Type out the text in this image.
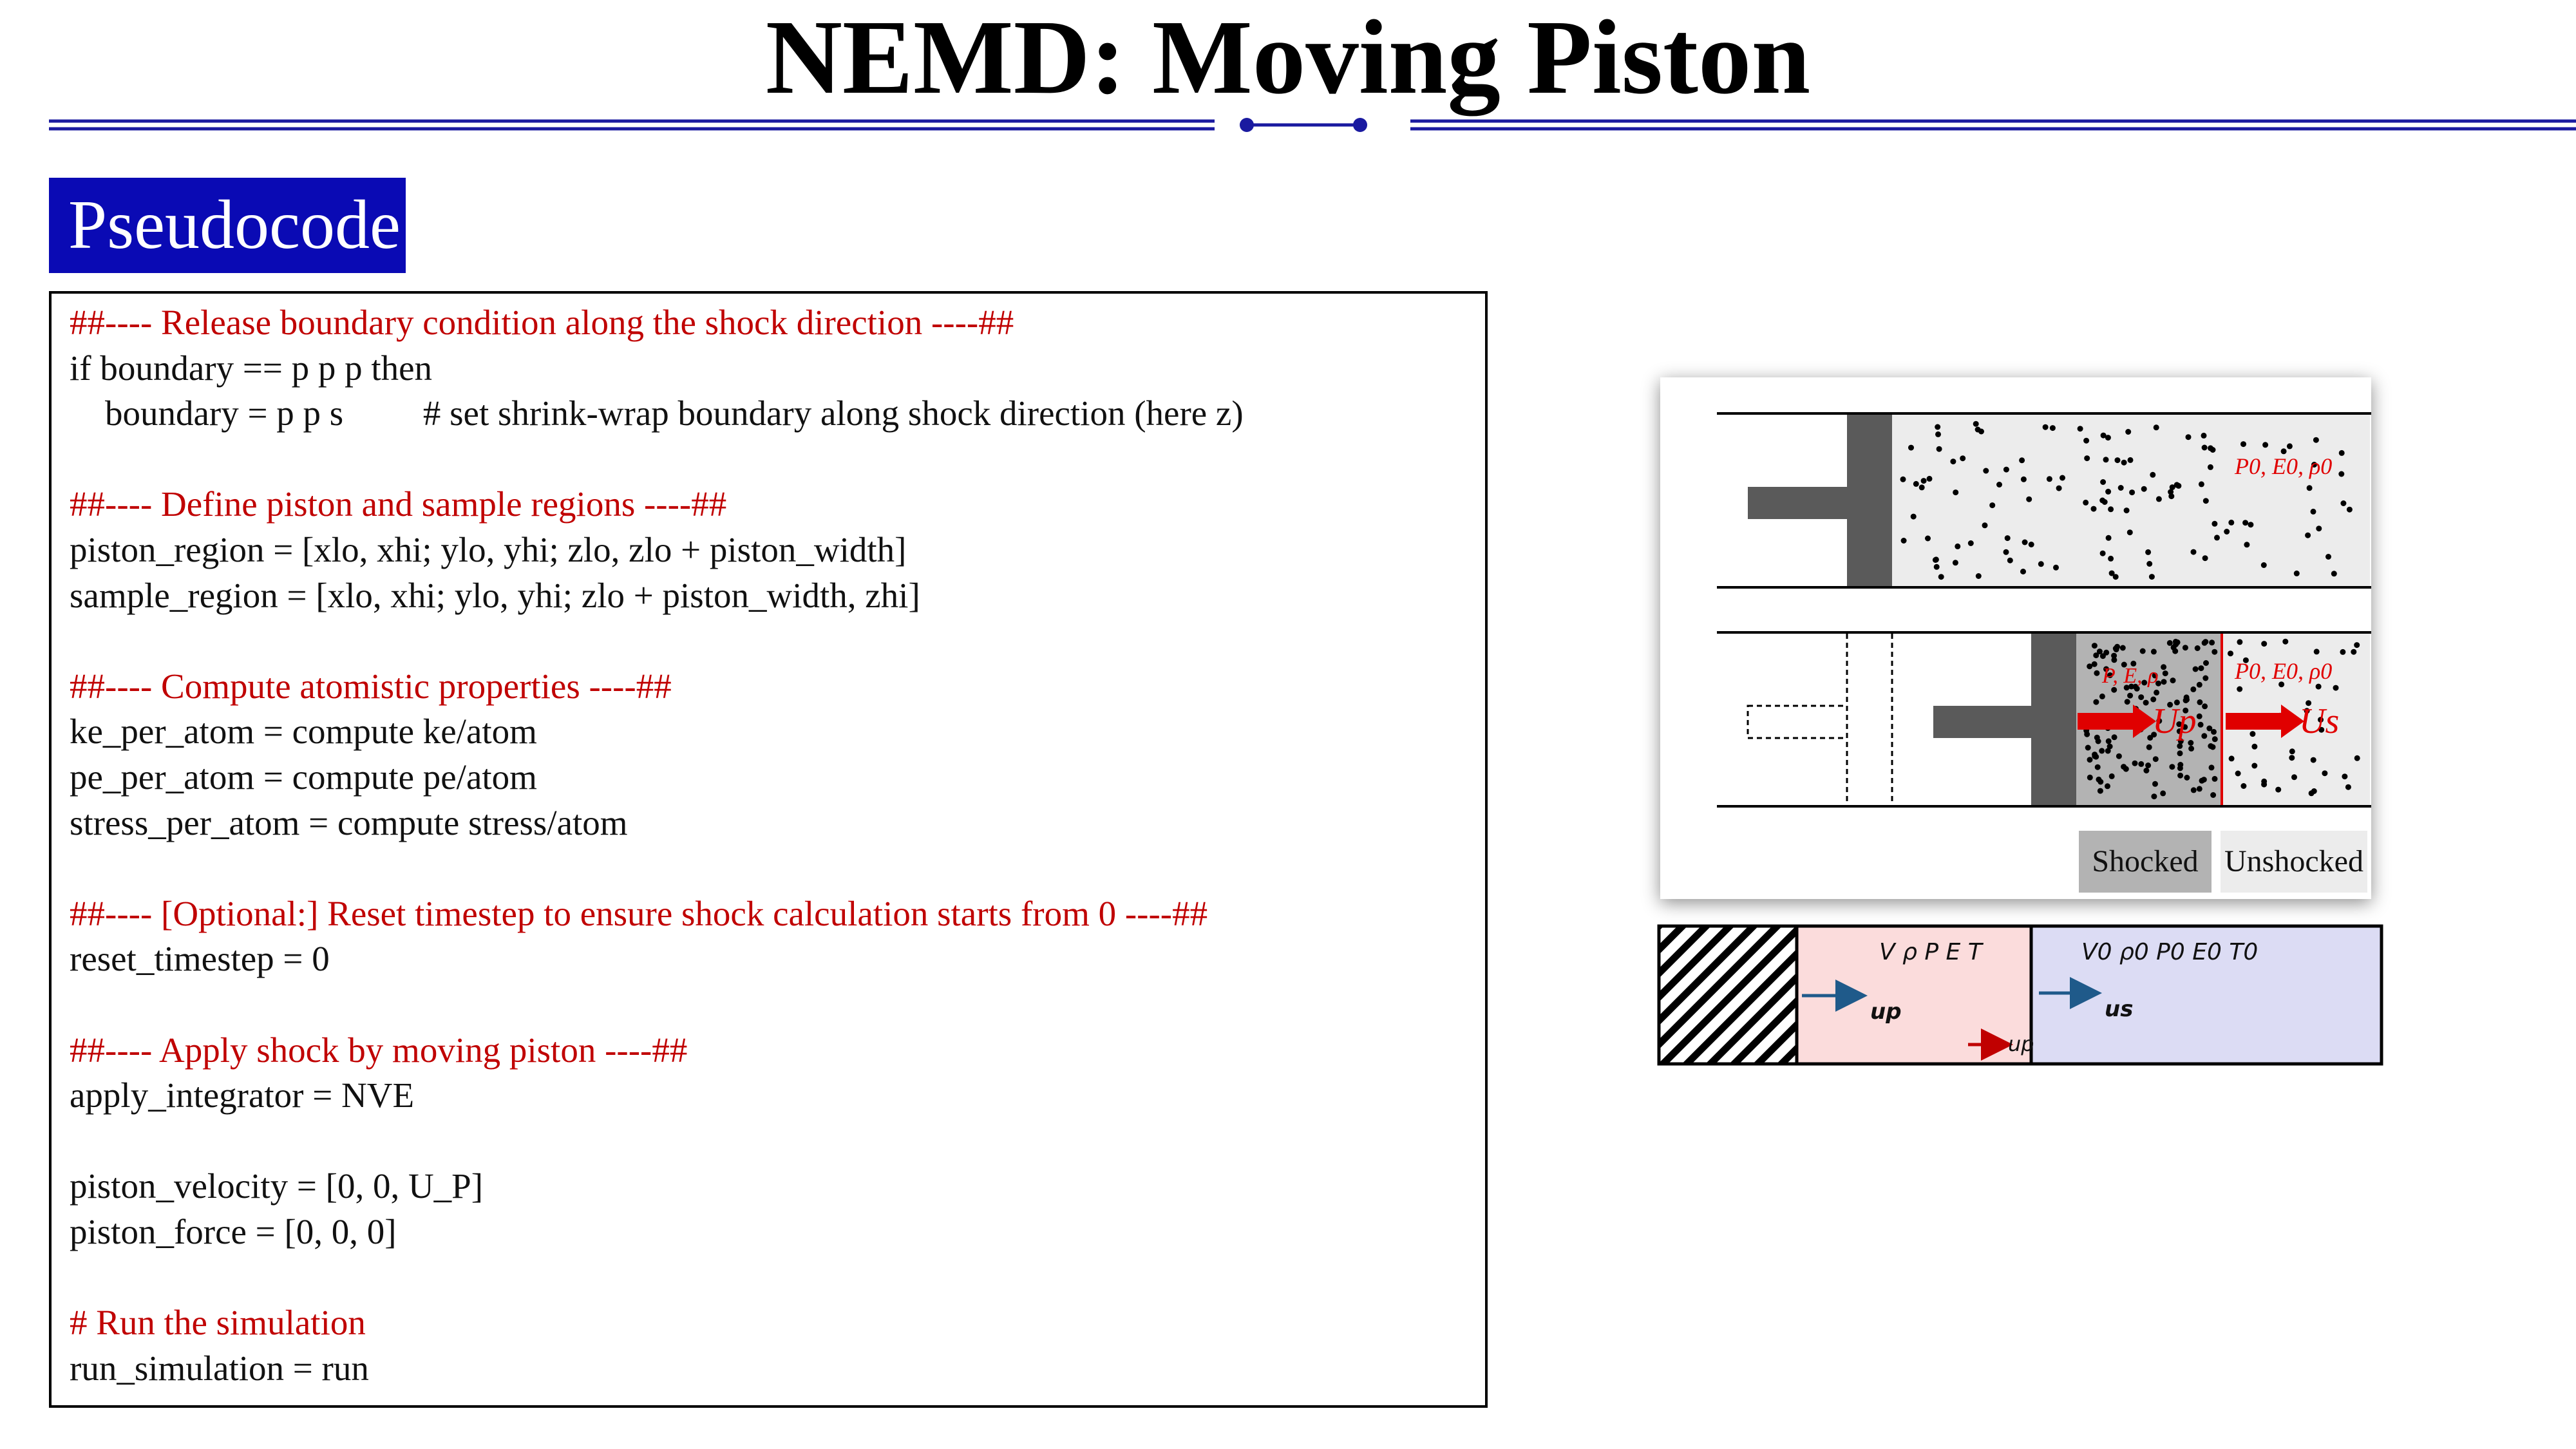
NEMD: Moving Piston
Pseudocode
##---- Release boundary condition along the shock direction ----##
if boundary == p p p then
boundary = p p s         # set shrink-wrap boundary along shock direction (here z)
##---- Define piston and sample regions ----##
piston_region = [xlo, xhi; ylo, yhi; zlo, zlo + piston_width]
sample_region = [xlo, xhi; ylo, yhi; zlo + piston_width, zhi]
##---- Compute atomistic properties ----##
ke_per_atom = compute ke/atom
pe_per_atom = compute pe/atom
stress_per_atom = compute stress/atom
##---- [Optional:] Reset timestep to ensure shock calculation starts from 0 ----##
reset_timestep = 0
##---- Apply shock by moving piston ----##
apply_integrator = NVE
piston_velocity = [0, 0, U_P]
piston_force = [0, 0, 0]
# Run the simulation
run_simulation = run
P0, E0, ρ0
P, E, ρ	P0, E0, ρ0
Up	Us
Shocked Unshocked
V ρ P E T	V0 ρ0 P0 E0 T0
up	us
up
